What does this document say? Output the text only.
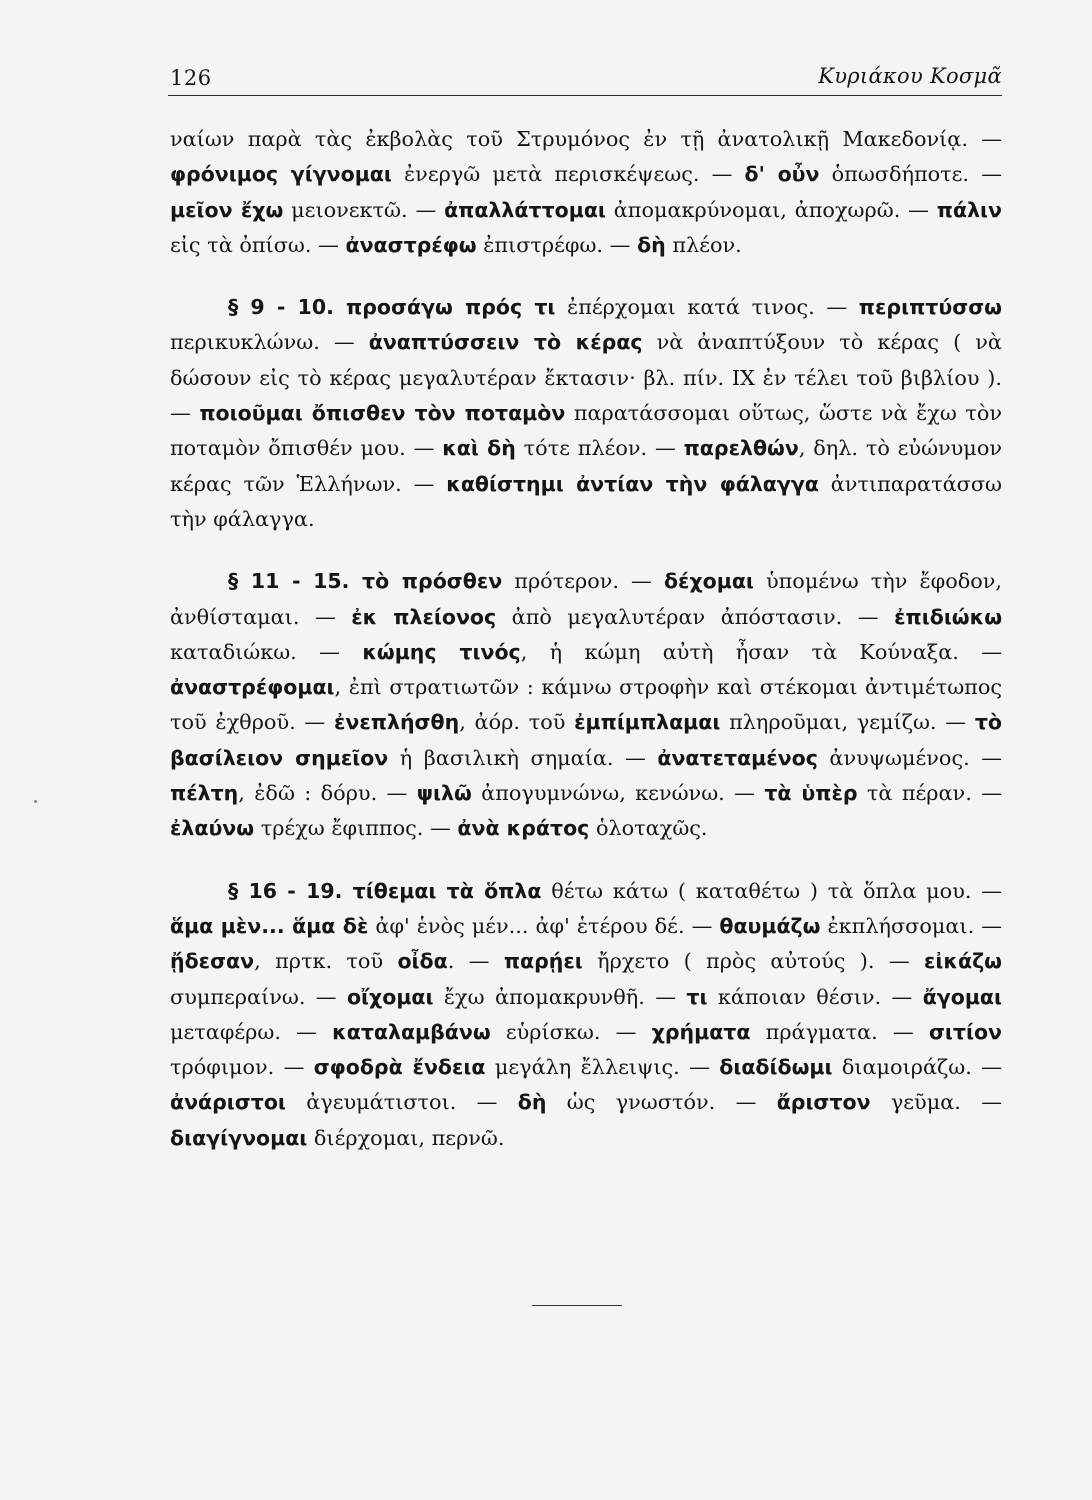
126	Κυριάκου Κοσμᾶ

ναίων παρὰ τὰς ἐκβολὰς τοῦ Στρυμόνος ἐν τῇ ἀνατολικῇ Μακεδονίᾳ. — φρόνιμος γίγνομαι ἐνεργῶ μετὰ περισκέψεως. — δ' οὖν ὁπωσδήποτε. — μεῖον ἔχω μειονεκτῶ. — ἀπαλλάττομαι ἀπομακρύνομαι, ἀποχωρῶ. — πάλιν εἰς τὰ ὀπίσω. — ἀναστρέφω ἐπιστρέφω. — δὴ πλέον.

§ 9 - 10. προσάγω πρός τι ἐπέρχομαι κατά τινος. — περιπτύσσω περικυκλώνω. — ἀναπτύσσειν τὸ κέρας νὰ ἀναπτύξουν τὸ κέρας ( νὰ δώσουν εἰς τὸ κέρας μεγαλυτέραν ἔκτασιν· βλ. πίν. IX ἐν τέλει τοῦ βιβλίου ). — ποιοῦμαι ὄπισθεν τὸν ποταμὸν παρατάσσομαι οὕτως, ὥστε νὰ ἔχω τὸν ποταμὸν ὄπισθέν μου. — καὶ δὴ τότε πλέον. — παρελθών, δηλ. τὸ εὐώνυμον κέρας τῶν Ἑλλήνων. — καθίστημι ἀντίαν τὴν φάλαγγα ἀντιπαρατάσσω τὴν φάλαγγα.

§ 11 - 15. τὸ πρόσθεν πρότερον. — δέχομαι ὑπομένω τὴν ἔφοδον, ἀνθίσταμαι. — ἐκ πλείονος ἀπὸ μεγαλυτέραν ἀπόστασιν. — ἐπιδιώκω καταδιώκω. — κώμης τινός, ἡ κώμη αὐτὴ ἦσαν τὰ Κούναξα. — ἀναστρέφομαι, ἐπὶ στρατιωτῶν : κάμνω στροφὴν καὶ στέκομαι ἀντιμέτωπος τοῦ ἐχθροῦ. — ἐνεπλήσθη, ἀόρ. τοῦ ἐμπίμπλαμαι πληροῦμαι, γεμίζω. — τὸ βασίλειον σημεῖον ἡ βασιλικὴ σημαία. — ἀνατεταμένος ἀνυψωμένος. — πέλτη, ἐδῶ : δόρυ. — ψιλῶ ἀπογυμνώνω, κενώνω. — τὰ ὑπὲρ τὰ πέραν. — ἐλαύνω τρέχω ἔφιππος. — ἀνὰ κράτος ὁλοταχῶς.

§ 16 - 19. τίθεμαι τὰ ὅπλα θέτω κάτω ( καταθέτω ) τὰ ὅπλα μου. — ἅμα μὲν... ἅμα δὲ ἀφ' ἑνὸς μέν... ἀφ' ἑτέρου δέ. — θαυμάζω ἐκπλήσσομαι. — ᾔδεσαν, πρτκ. τοῦ οἶδα. — παρῄει ἤρχετο ( πρὸς αὐτούς ). — εἰκάζω συμπεραίνω. — οἴχομαι ἔχω ἀπομακρυνθῆ. — τι κάποιαν θέσιν. — ἄγομαι μεταφέρω. — καταλαμβάνω εὑρίσκω. — χρήματα πράγματα. — σιτίον τρόφιμον. — σφοδρὰ ἔνδεια μεγάλη ἔλλειψις. — διαδίδωμι διαμοιράζω. — ἀνάριστοι ἀγευμάτιστοι. — δὴ ὡς γνωστόν. — ἄριστον γεῦμα. — διαγίγνομαι διέρχομαι, περνῶ.
